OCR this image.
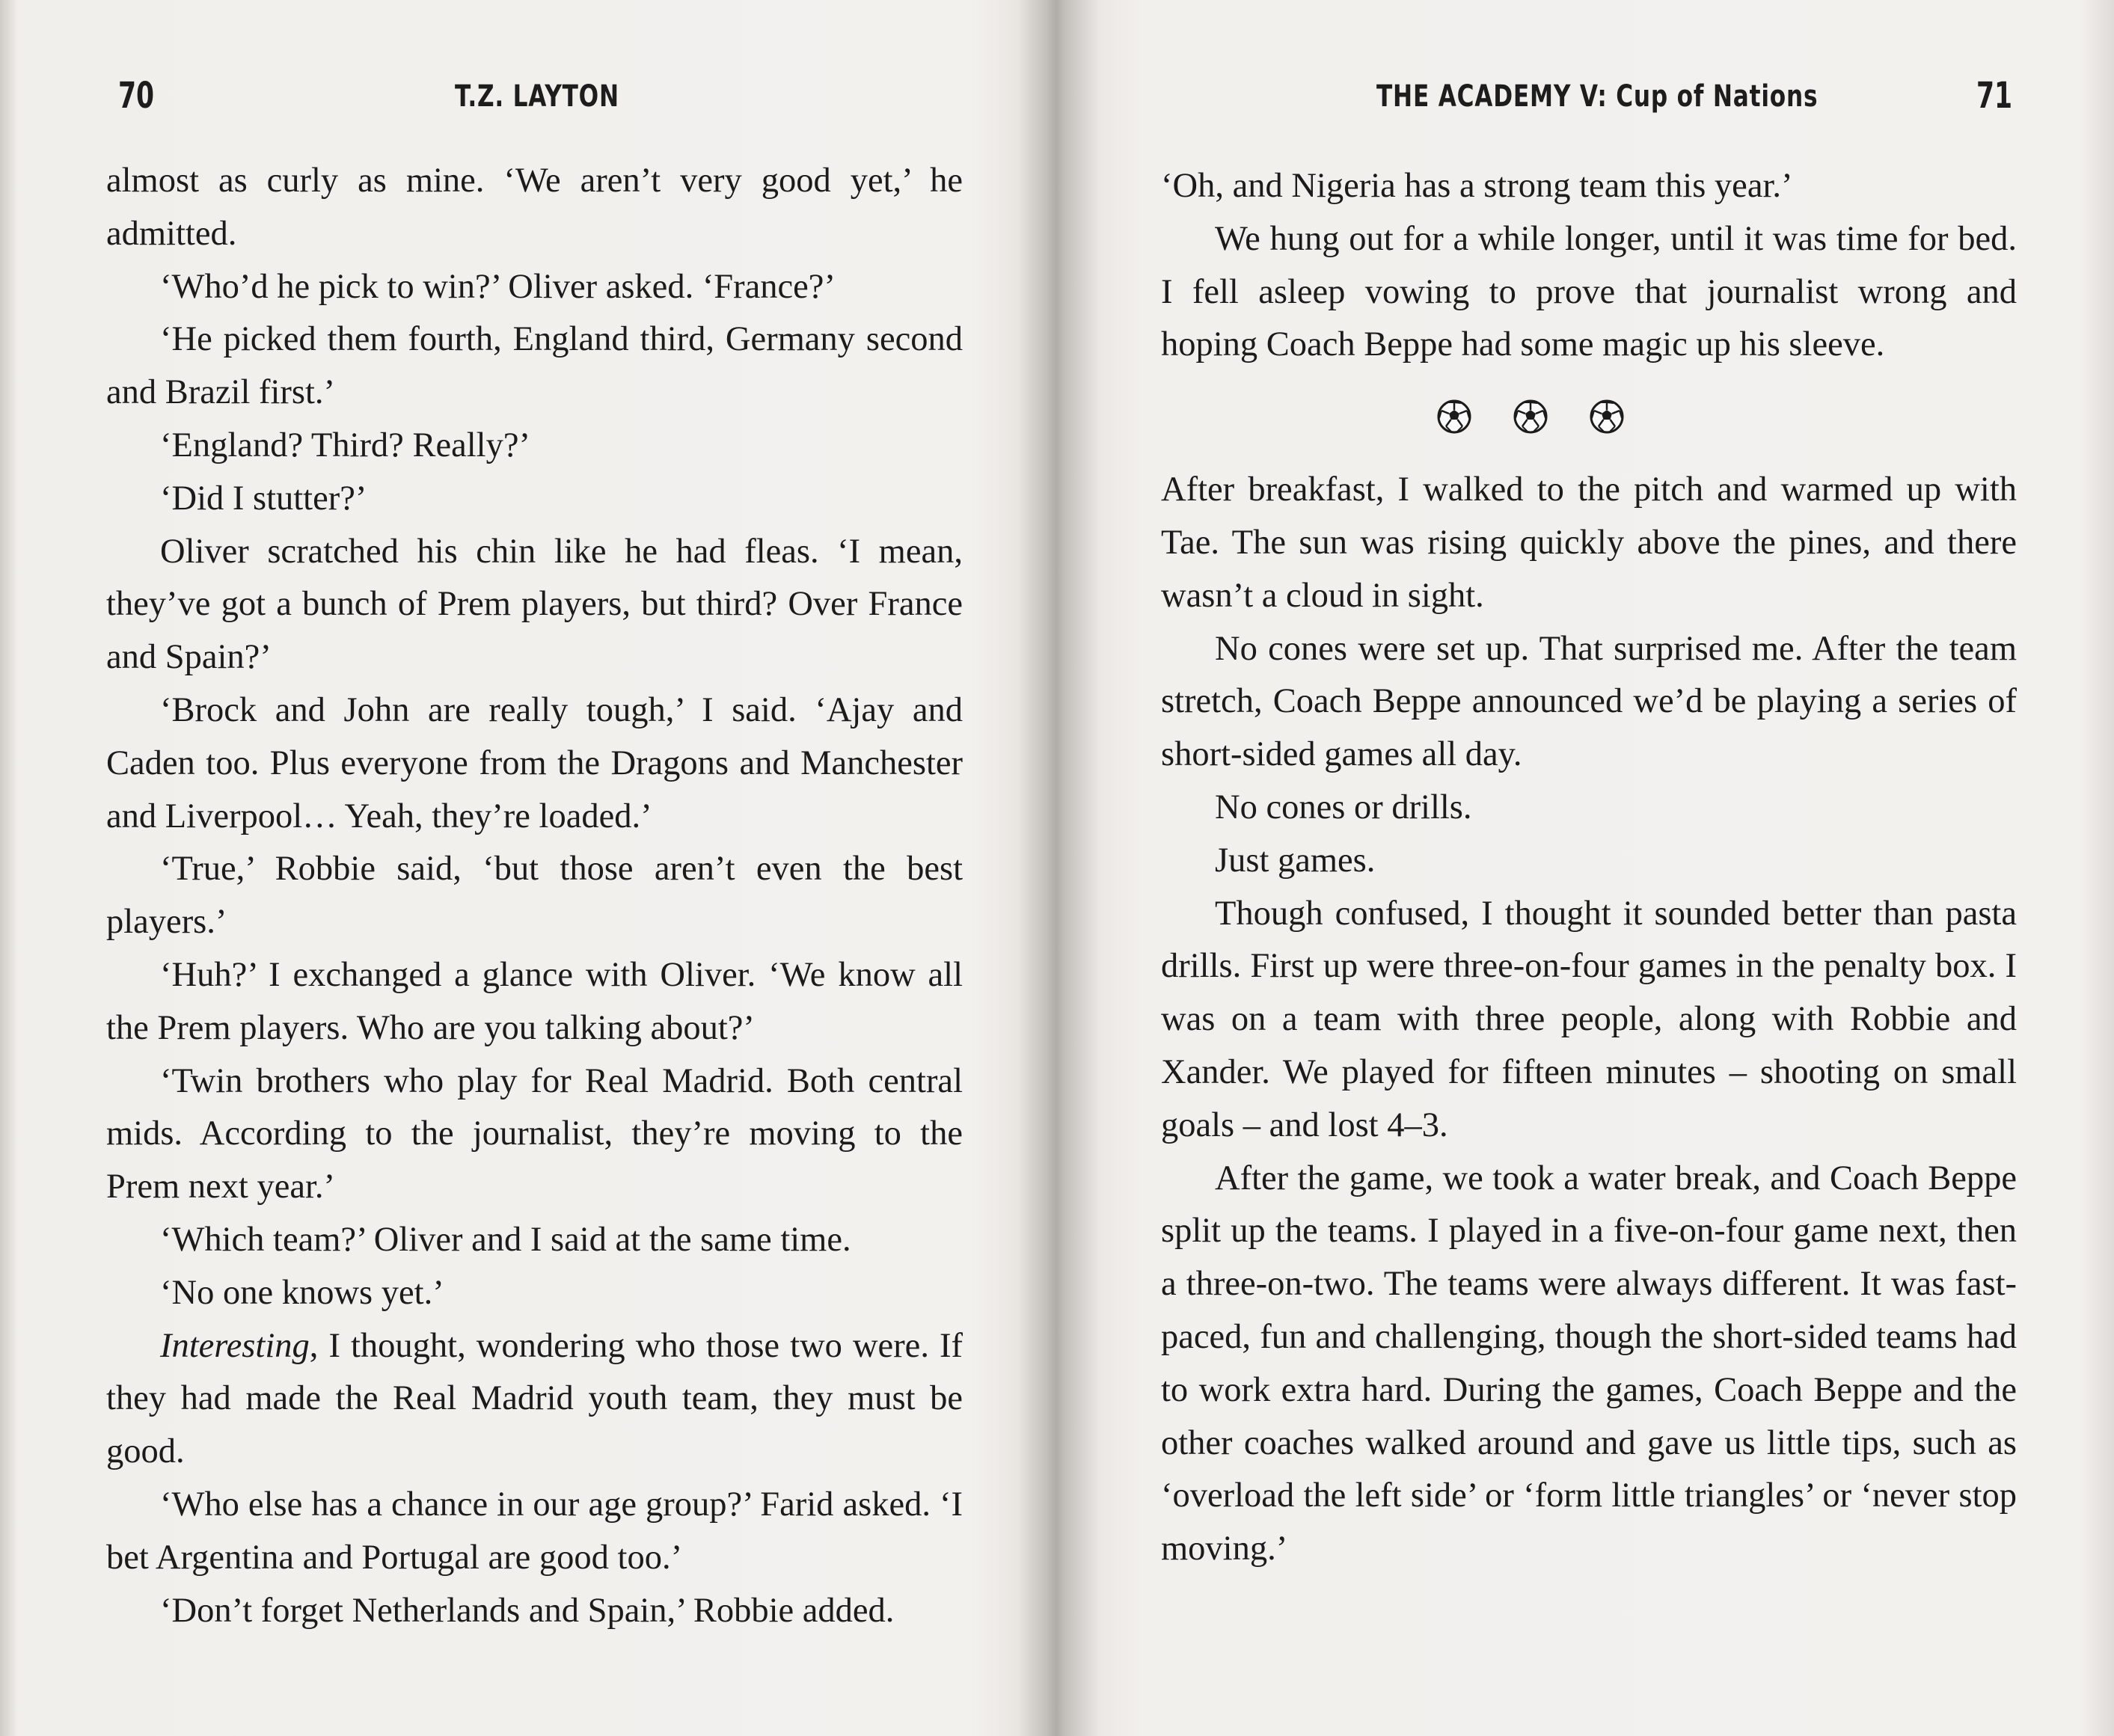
70	T.Z. LAYTON

almost as curly as mine. ‘We aren’t very good yet,’ he admitted.

‘Who’d he pick to win?’ Oliver asked. ‘France?’

‘He picked them fourth, England third, Germany second and Brazil first.’

‘England? Third? Really?’

‘Did I stutter?’

Oliver scratched his chin like he had fleas. ‘I mean, they’ve got a bunch of Prem players, but third? Over France and Spain?’

‘Brock and John are really tough,’ I said. ‘Ajay and Caden too. Plus everyone from the Dragons and Manchester and Liverpool… Yeah, they’re loaded.’

‘True,’ Robbie said, ‘but those aren’t even the best players.’

‘Huh?’ I exchanged a glance with Oliver. ‘We know all the Prem players. Who are you talking about?’

‘Twin brothers who play for Real Madrid. Both central mids. According to the journalist, they’re moving to the Prem next year.’

‘Which team?’ Oliver and I said at the same time.

‘No one knows yet.’

Interesting, I thought, wondering who those two were. If they had made the Real Madrid youth team, they must be good.

‘Who else has a chance in our age group?’ Farid asked. ‘I bet Argentina and Portugal are good too.’

‘Don’t forget Netherlands and Spain,’ Robbie added.

THE ACADEMY V: Cup of Nations	71

‘Oh, and Nigeria has a strong team this year.’

We hung out for a while longer, until it was time for bed. I fell asleep vowing to prove that journalist wrong and hoping Coach Beppe had some magic up his sleeve.

After breakfast, I walked to the pitch and warmed up with Tae. The sun was rising quickly above the pines, and there wasn’t a cloud in sight.

No cones were set up. That surprised me. After the team stretch, Coach Beppe announced we’d be playing a series of short-sided games all day.

No cones or drills.

Just games.

Though confused, I thought it sounded better than pasta drills. First up were three-on-four games in the penalty box. I was on a team with three people, along with Robbie and Xander. We played for fifteen minutes – shooting on small goals – and lost 4–3.

After the game, we took a water break, and Coach Beppe split up the teams. I played in a five-on-four game next, then a three-on-two. The teams were always different. It was fast-paced, fun and challenging, though the short-sided teams had to work extra hard. During the games, Coach Beppe and the other coaches walked around and gave us little tips, such as ‘overload the left side’ or ‘form little triangles’ or ‘never stop moving.’
